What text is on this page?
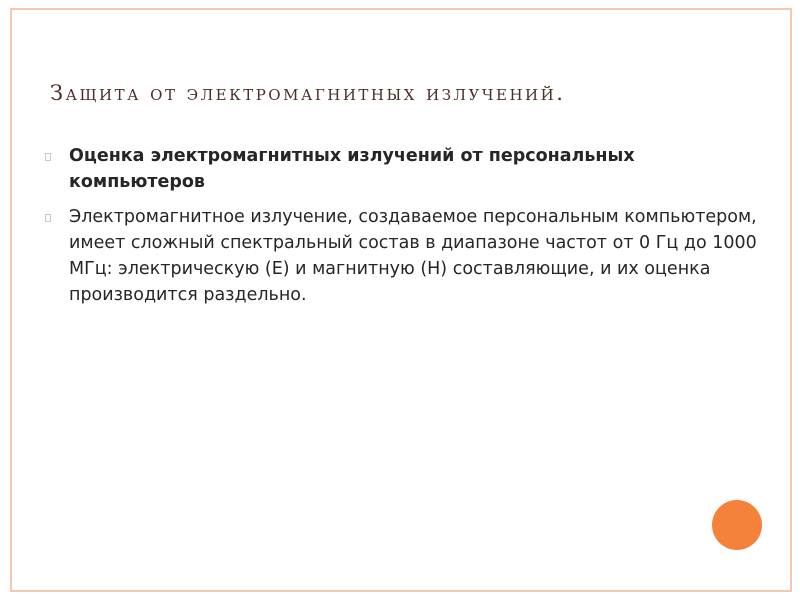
Защита от электромагнитных излучений.
Оценка электромагнитных излучений от персональных компьютеров
Электромагнитное излучение, создаваемое персональным компьютером, имеет сложный спектральный состав в диапазоне частот от 0 Гц до 1000 МГц: электрическую (Е) и магнитную (Н) составляющие, и их оценка производится раздельно.
